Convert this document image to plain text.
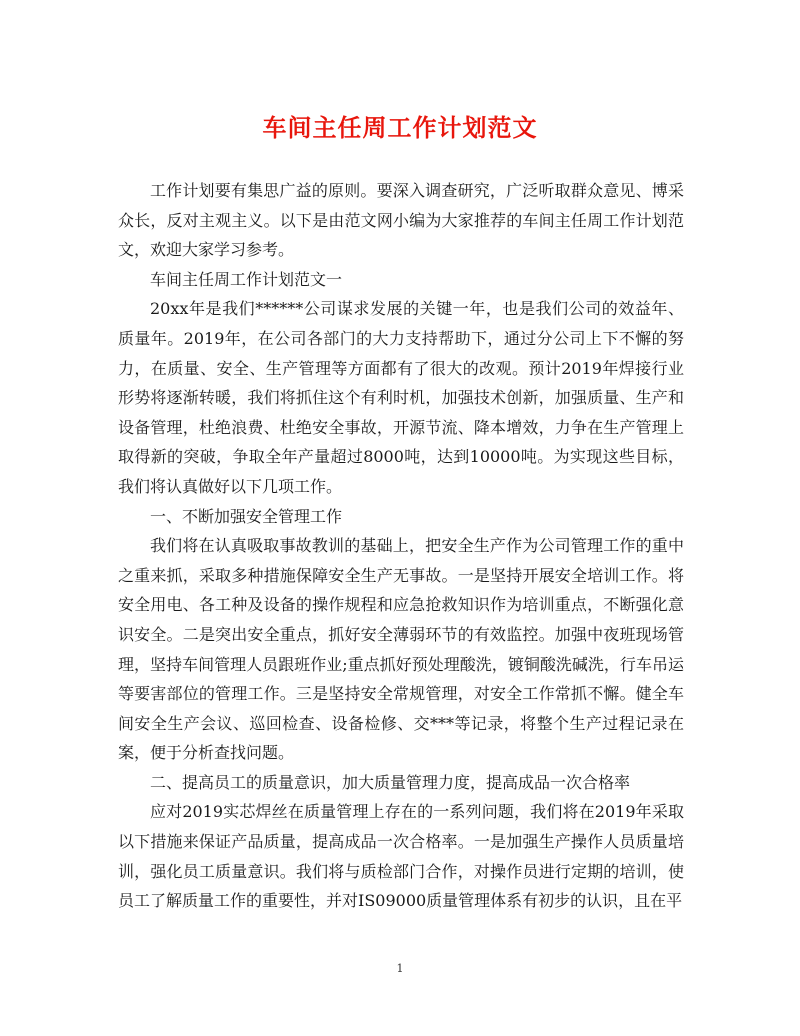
车间主任周工作计划范文

工作计划要有集思广益的原则。要深入调查研究，广泛听取群众意见、博采众长，反对主观主义。以下是由范文网小编为大家推荐的车间主任周工作计划范文，欢迎大家学习参考。

车间主任周工作计划范文一

20xx年是我们******公司谋求发展的关键一年，也是我们公司的效益年、质量年。2019年，在公司各部门的大力支持帮助下，通过分公司上下不懈的努力，在质量、安全、生产管理等方面都有了很大的改观。预计2019年焊接行业形势将逐渐转暖，我们将抓住这个有利时机，加强技术创新，加强质量、生产和设备管理，杜绝浪费、杜绝安全事故，开源节流、降本增效，力争在生产管理上取得新的突破，争取全年产量超过8000吨，达到10000吨。为实现这些目标，我们将认真做好以下几项工作。

一、不断加强安全管理工作

我们将在认真吸取事故教训的基础上，把安全生产作为公司管理工作的重中之重来抓，采取多种措施保障安全生产无事故。一是坚持开展安全培训工作。将安全用电、各工种及设备的操作规程和应急抢救知识作为培训重点，不断强化意识安全。二是突出安全重点，抓好安全薄弱环节的有效监控。加强中夜班现场管理，坚持车间管理人员跟班作业;重点抓好预处理酸洗，镀铜酸洗碱洗，行车吊运等要害部位的管理工作。三是坚持安全常规管理，对安全工作常抓不懈。健全车间安全生产会议、巡回检查、设备检修、交***等记录，将整个生产过程记录在案，便于分析查找问题。

二、提高员工的质量意识，加大质量管理力度，提高成品一次合格率

应对2019实芯焊丝在质量管理上存在的一系列问题，我们将在2019年采取以下措施来保证产品质量，提高成品一次合格率。一是加强生产操作人员质量培训，强化员工质量意识。我们将与质检部门合作，对操作员进行定期的培训，使员工了解质量工作的重要性，并对IS09000质量管理体系有初步的认识，且在平

1
